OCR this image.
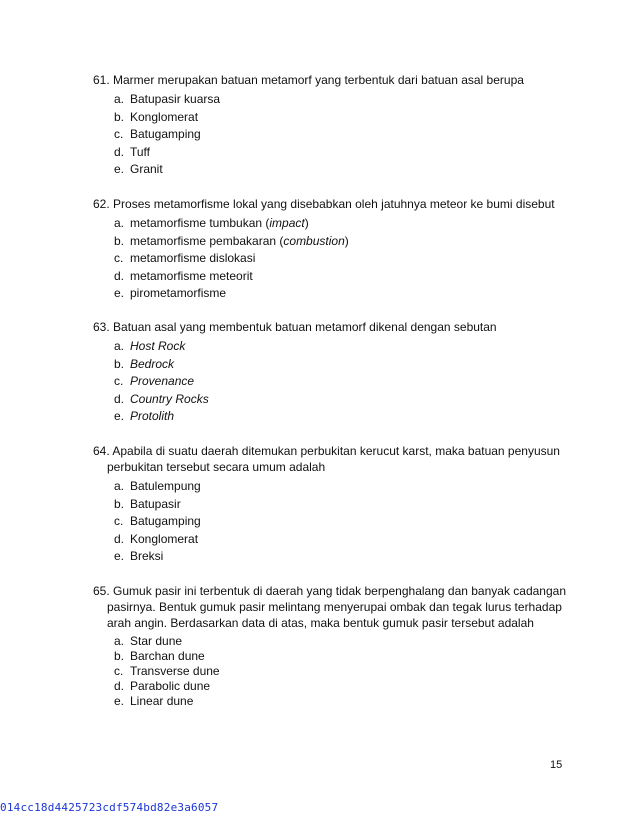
61. Marmer merupakan batuan metamorf yang terbentuk dari batuan asal berupa

a. Batupasir kuarsa
b. Konglomerat
c. Batugamping
d. Tuff
e. Granit

62. Proses metamorfisme lokal yang disebabkan oleh jatuhnya meteor ke bumi disebut

a. metamorfisme tumbukan (impact)
b. metamorfisme pembakaran (combustion)
c. metamorfisme dislokasi
d. metamorfisme meteorit
e. pirometamorfisme

63. Batuan asal yang membentuk batuan metamorf dikenal dengan sebutan

a. Host Rock
b. Bedrock
c. Provenance
d. Country Rocks
e. Protolith

64. Apabila di suatu daerah ditemukan perbukitan kerucut karst, maka batuan penyusun
perbukitan tersebut secara umum adalah

a. Batulempung
b. Batupasir
c. Batugamping
d. Konglomerat
e. Breksi

65. Gumuk pasir ini terbentuk di daerah yang tidak berpenghalang dan banyak cadangan
pasirnya. Bentuk gumuk pasir melintang menyerupai ombak dan tegak lurus terhadap
arah angin. Berdasarkan data di atas, maka bentuk gumuk pasir tersebut adalah

a. Star dune
b. Barchan dune
c. Transverse dune
d. Parabolic dune
e. Linear dune
15
014cc18d4425723cdf574bd82e3a6057
